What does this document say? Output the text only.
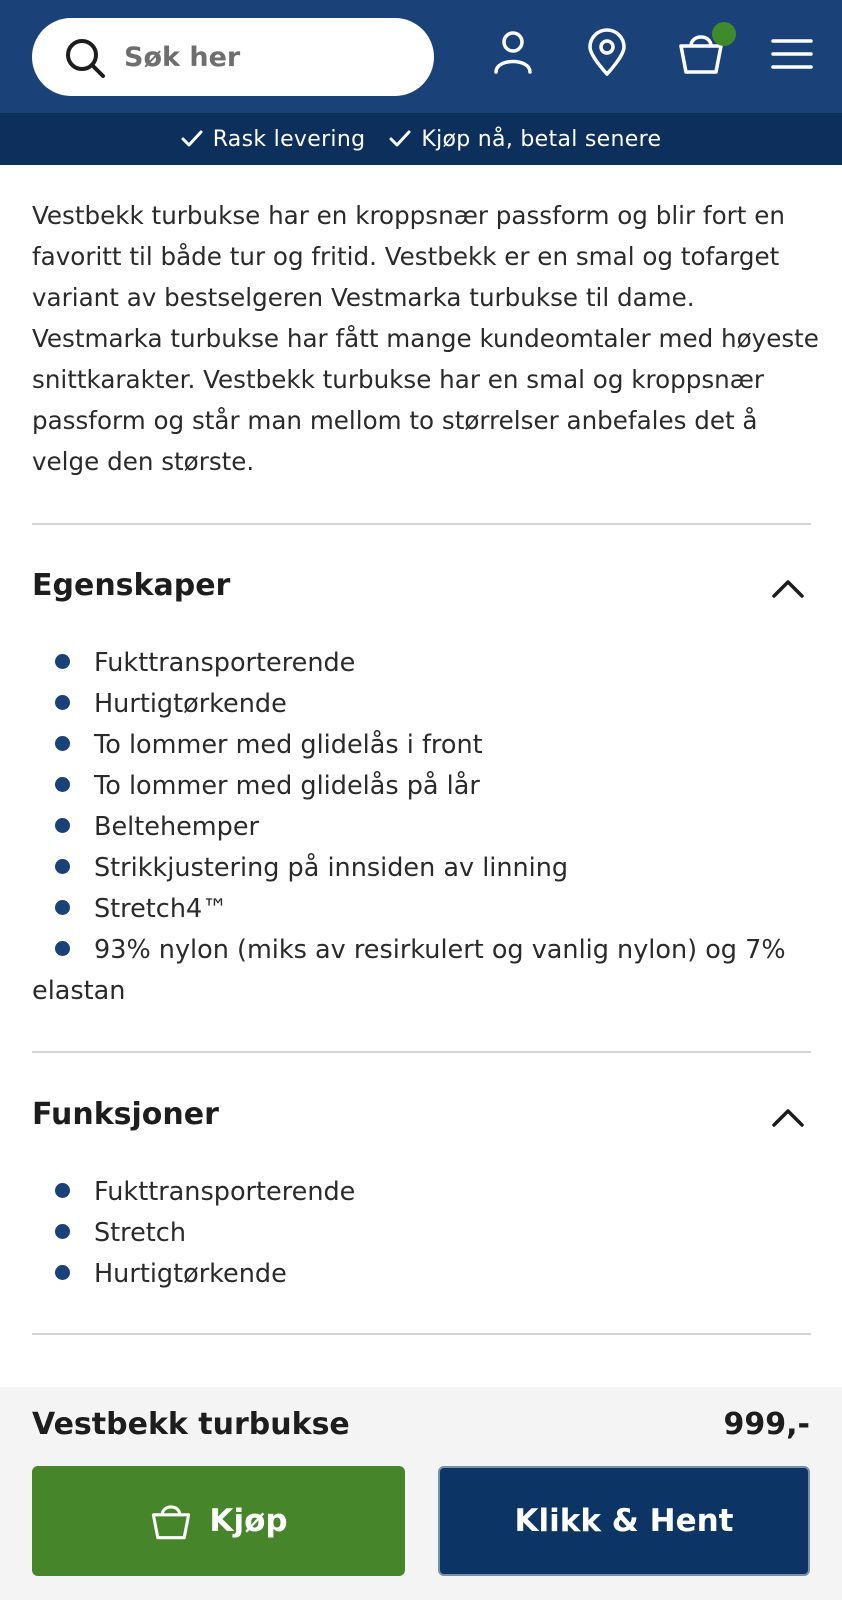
Søk her
Rask levering	Kjøp nå, betal senere

Vestbekk turbukse har en kroppsnær passform og blir fort en favoritt til både tur og fritid. Vestbekk er en smal og tofarget variant av bestselgeren Vestmarka turbukse til dame. Vestmarka turbukse har fått mange kundeomtaler med høyeste snittkarakter. Vestbekk turbukse har en smal og kroppsnær passform og står man mellom to størrelser anbefales det å velge den største.

Egenskaper
Fukttransporterende
Hurtigtørkende
To lommer med glidelås i front
To lommer med glidelås på lår
Beltehemper
Strikkjustering på innsiden av linning
Stretch4™
93% nylon (miks av resirkulert og vanlig nylon) og 7% elastan
Funksjoner
Fukttransporterende
Stretch
Hurtigtørkende
Vestbekk turbukse	999,-
Kjøp	Klikk & Hent
